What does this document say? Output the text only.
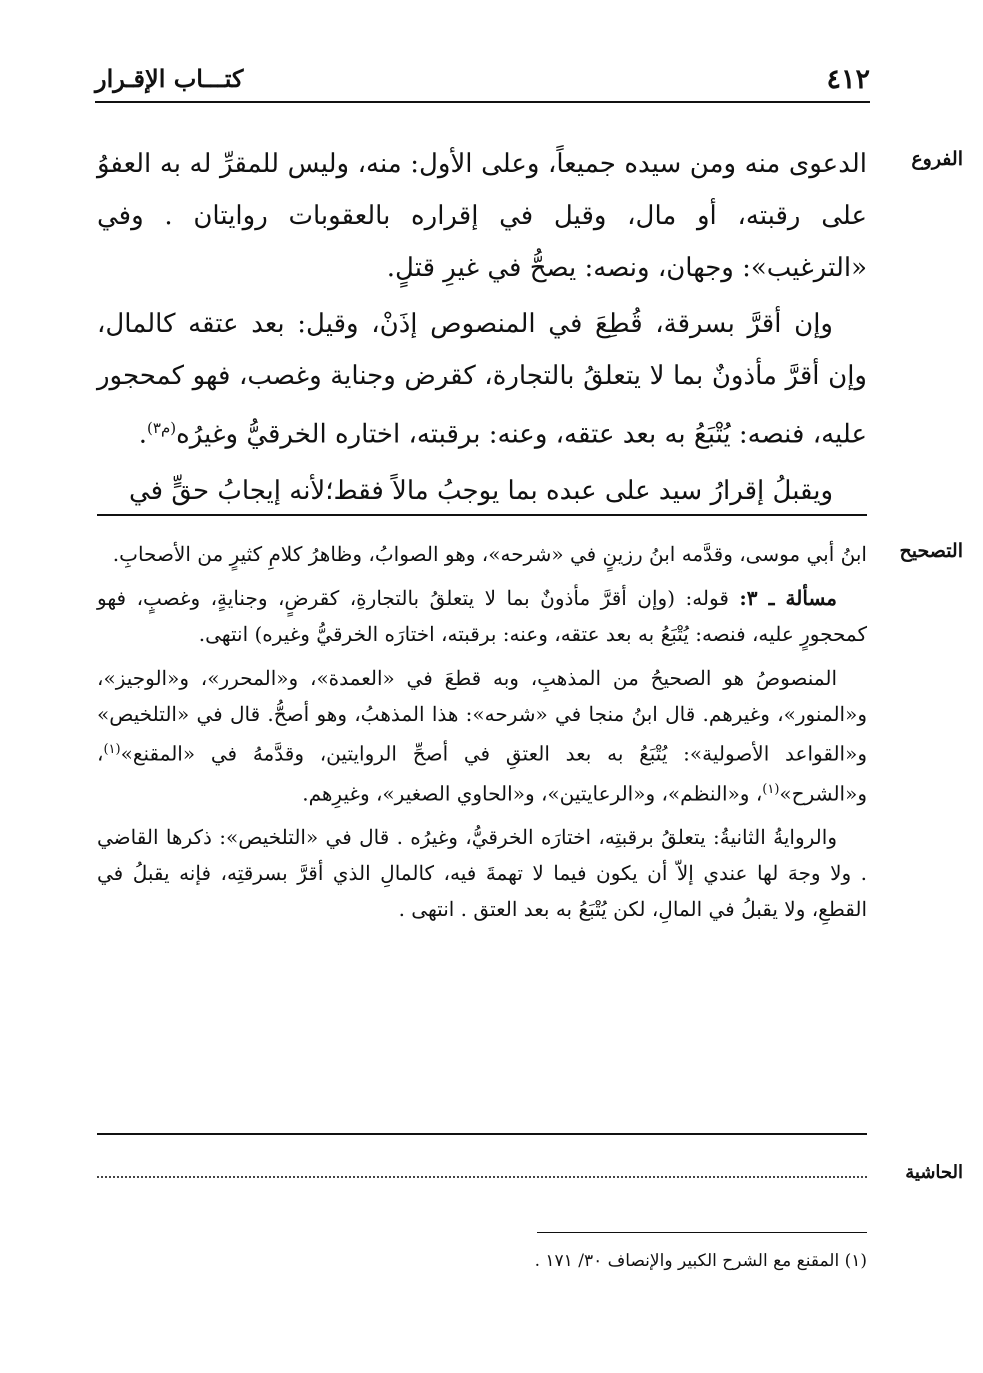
٤١٢
كتـــاب الإقـرار
الفروع

الدعوى منه ومن سيده جميعاً، وعلى الأول: منه، وليس للمقرِّ له به العفوُ على رقبته، أو مال، وقيل في إقراره بالعقوبات روايتان . وفي «الترغيب»: وجهان، ونصه: يصحُّ في غيرِ قتلٍ.

وإن أقرَّ بسرقة، قُطِعَ في المنصوص إذَنْ، وقيل: بعد عتقه كالمال، وإن أقرَّ مأذونٌ بما لا يتعلقُ بالتجارة، كقرض وجناية وغصب، فهو كمحجور عليه، فنصه: يُتْبَعُ به بعد عتقه، وعنه: برقبته، اختاره الخرقيُّ وغيرُه$^{(م٣)}$.

ويقبلُ إقرارُ سيد على عبده بما يوجبُ مالاً فقط؛لأنه إيجابُ حقٍّ في

التصحيح

ابنُ أبي موسى، وقدَّمه ابنُ رزينٍ في «شرحه»، وهو الصوابُ، وظاهرُ كلامِ كثيرٍ من الأصحابِ.

مسألة ـ ٣: قوله: (وإن أقرَّ مأذونٌ بما لا يتعلقُ بالتجارةِ، كقرضٍ، وجنايةٍ، وغصبٍ، فهو كمحجورٍ عليه، فنصه: يُتْبَعُ به بعد عتقه، وعنه: برقبته، اختارَه الخرقيُّ وغيره) انتهى.

المنصوصُ هو الصحيحُ من المذهبِ، وبه قطعَ في «العمدة»، و«المحرر»، و«الوجيز»، و«المنور»، وغيرهم. قال ابنُ منجا في «شرحه»: هذا المذهبُ، وهو أصحُّ. قال في «التلخيص» و«القواعد الأصولية»: يُتْبَعُ به بعد العتقِ في أصحِّ الروايتين، وقدَّمهُ في «المقنع»$^{(١)}$، و«الشرح»$^{(١)}$، و«النظم»، و«الرعايتين»، و«الحاوي الصغير»، وغيرِهم.

والروايةُ الثانيةُ: يتعلقُ برقبتِه، اختارَه الخرقيُّ، وغيرُه . قال في «التلخيص»: ذكرها القاضي . ولا وجهَ لها عندي إلاّ أن يكون فيما لا تهمةَ فيه، كالمالِ الذي أقرَّ بسرقتِه، فإنه يقبلُ في القطعِ، ولا يقبلُ في المالِ، لكن يُتْبَعُ به بعد العتق . انتهى .

الحاشية
(١) المقنع مع الشرح الكبير والإنصاف ٣٠/ ١٧١ .
